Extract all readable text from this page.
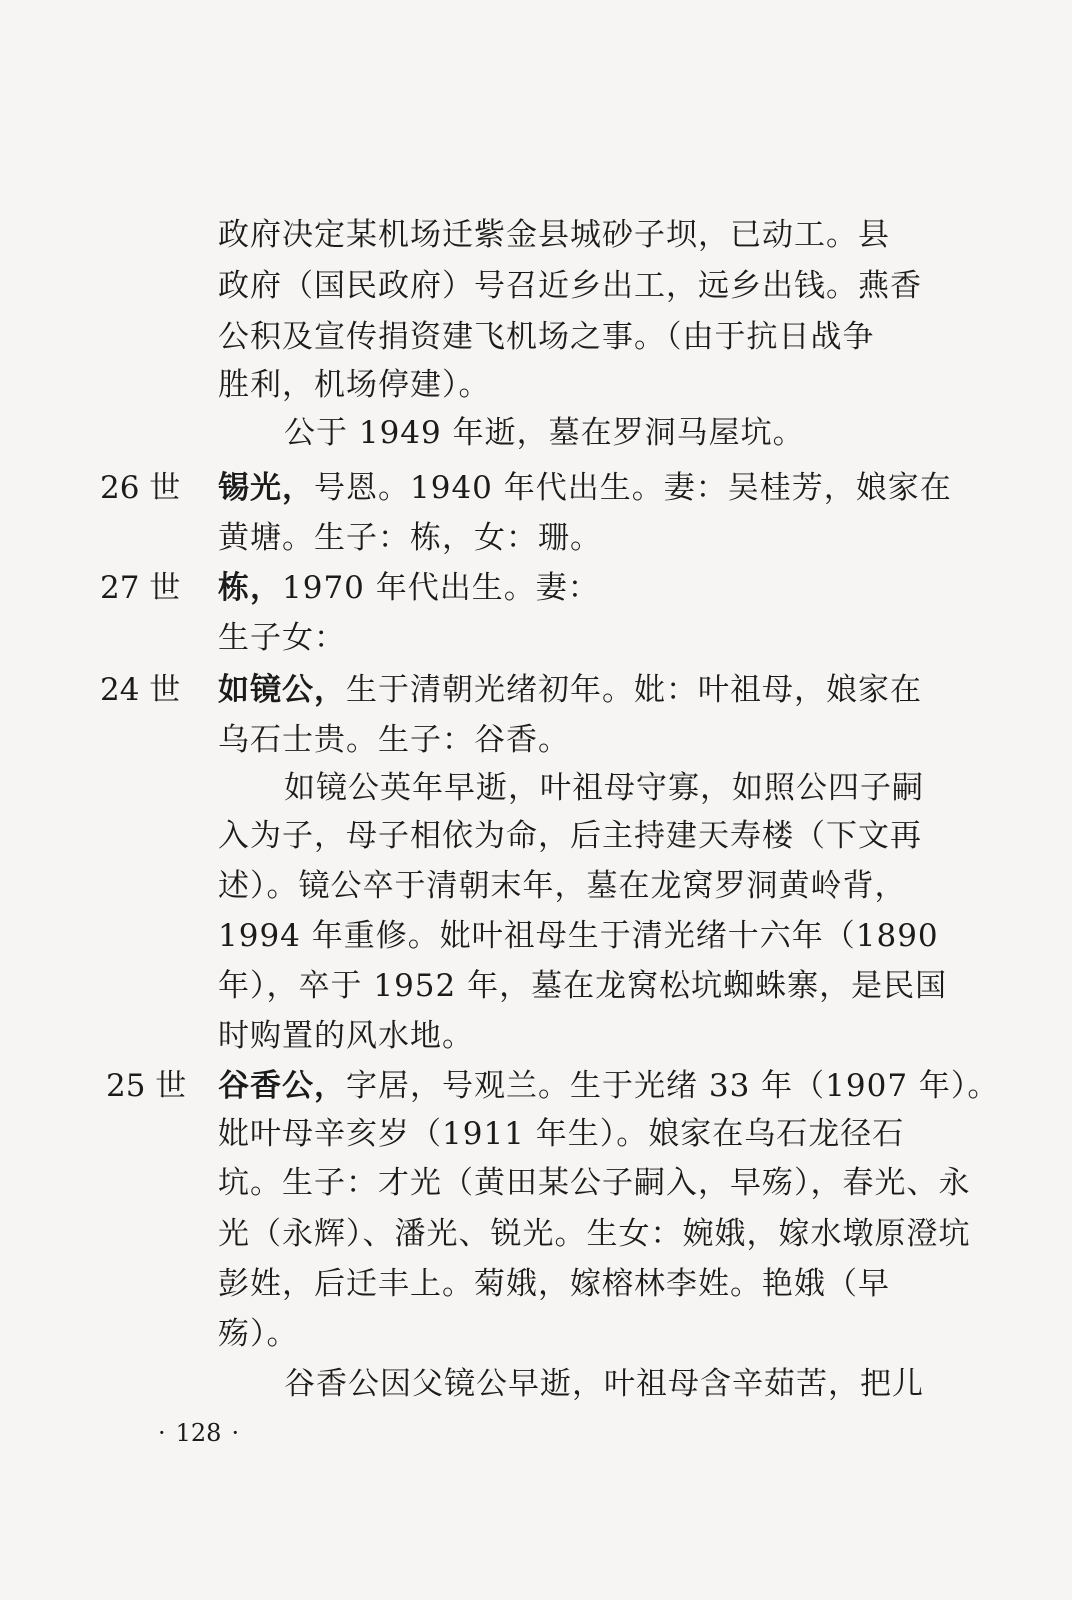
政府决定某机场迁紫金县城砂子坝，已动工。县
政府（国民政府）号召近乡出工，远乡出钱。燕香
公积及宣传捐资建飞机场之事。（由于抗日战争
胜利，机场停建）。
公于 1949 年逝，墓在罗洞马屋坑。
26 世 锡光，号恩。1940 年代出生。妻：吴桂芳，娘家在
黄塘。生子：栋，女：珊。
27 世 栋，1970 年代出生。妻：
生子女：
24 世 如镜公，生于清朝光绪初年。妣：叶祖母，娘家在
乌石士贵。生子：谷香。
如镜公英年早逝，叶祖母守寡，如照公四子嗣
入为子，母子相依为命，后主持建天寿楼（下文再
述）。镜公卒于清朝末年，墓在龙窝罗洞黄岭背，
1994 年重修。妣叶祖母生于清光绪十六年（1890
年），卒于 1952 年，墓在龙窝松坑蜘蛛寨，是民国
时购置的风水地。
25 世 谷香公，字居，号观兰。生于光绪 33 年（1907 年）。
妣叶母辛亥岁（1911 年生）。娘家在乌石龙径石
坑。生子：才光（黄田某公子嗣入，早殇），春光、永
光（永辉）、潘光、锐光。生女：婉娥，嫁水墩原澄坑
彭姓，后迁丰上。菊娥，嫁榕林李姓。艳娥（早
殇）。
谷香公因父镜公早逝，叶祖母含辛茹苦，把儿
· 128 ·
